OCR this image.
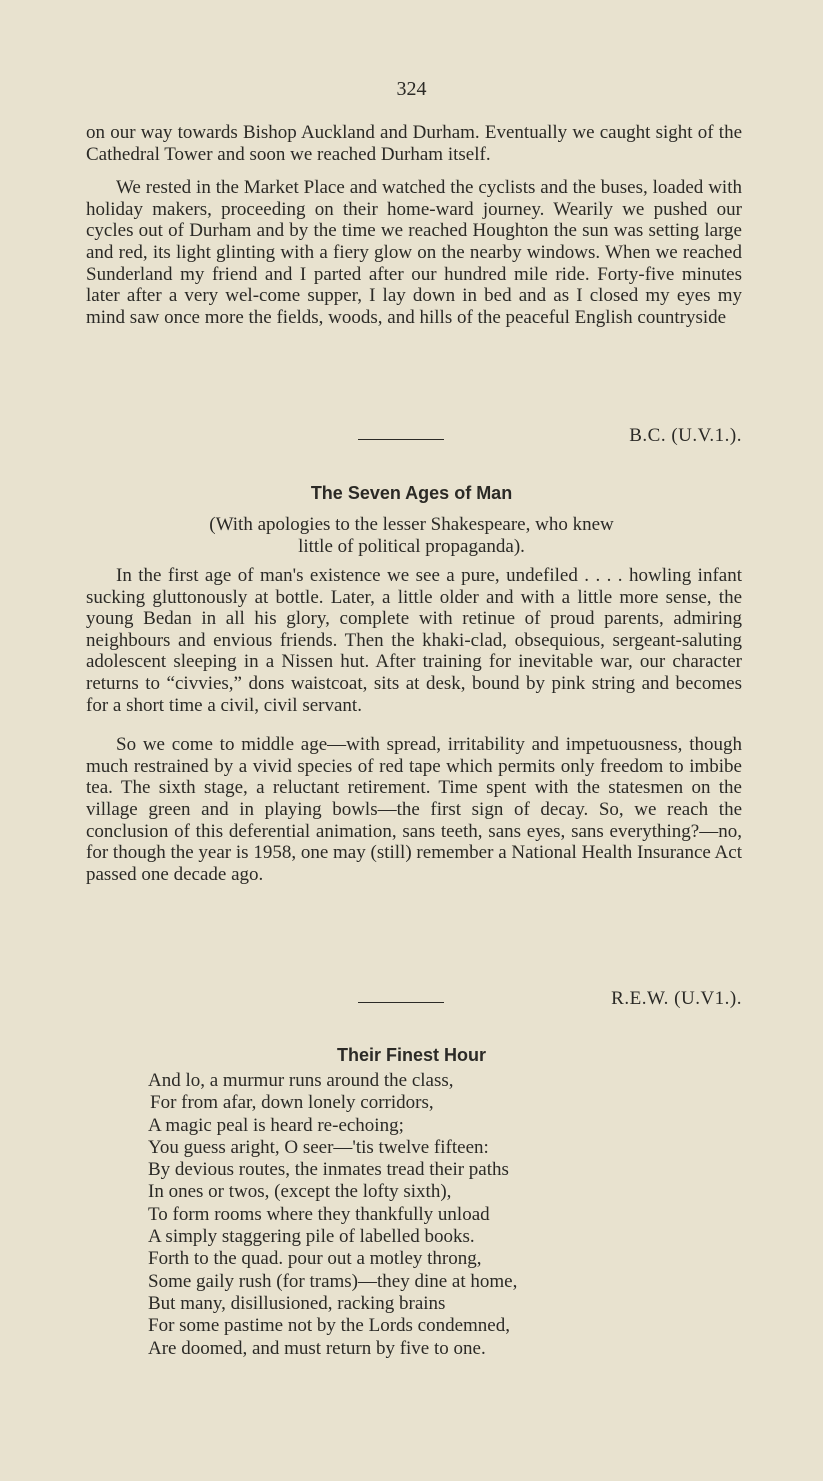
324

on our way towards Bishop Auckland and Durham. Eventually we caught sight of the Cathedral Tower and soon we reached Durham itself.

We rested in the Market Place and watched the cyclists and the buses, loaded with holiday makers, proceeding on their home-ward journey. Wearily we pushed our cycles out of Durham and by the time we reached Houghton the sun was setting large and red, its light glinting with a fiery glow on the nearby windows. When we reached Sunderland my friend and I parted after our hundred mile ride. Forty-five minutes later after a very wel-come supper, I lay down in bed and as I closed my eyes my mind saw once more the fields, woods, and hills of the peaceful English countryside

B.C. (U.V.1.).
The Seven Ages of Man
(With apologies to the lesser Shakespeare, who knew
little of political propaganda).

In the first age of man's existence we see a pure, undefiled . . . . howling infant sucking gluttonously at bottle. Later, a little older and with a little more sense, the young Bedan in all his glory, complete with retinue of proud parents, admiring neighbours and envious friends. Then the khaki-clad, obsequious, sergeant-saluting adolescent sleeping in a Nissen hut. After training for inevitable war, our character returns to “civvies,” dons waistcoat, sits at desk, bound by pink string and becomes for a short time a civil, civil servant.

So we come to middle age—with spread, irritability and impetuousness, though much restrained by a vivid species of red tape which permits only freedom to imbibe tea. The sixth stage, a reluctant retirement. Time spent with the statesmen on the village green and in playing bowls—the first sign of decay. So, we reach the conclusion of this deferential animation, sans teeth, sans eyes, sans everything?—no, for though the year is 1958, one may (still) remember a National Health Insurance Act passed one decade ago.

R.E.W. (U.V1.).
Their Finest Hour
And lo, a murmur runs around the class,
For from afar, down lonely corridors,
A magic peal is heard re-echoing;
You guess aright, O seer—'tis twelve fifteen:
By devious routes, the inmates tread their paths
In ones or twos, (except the lofty sixth),
To form rooms where they thankfully unload
A simply staggering pile of labelled books.
Forth to the quad. pour out a motley throng,
Some gaily rush (for trams)—they dine at home,
But many, disillusioned, racking brains
For some pastime not by the Lords condemned,
Are doomed, and must return by five to one.
